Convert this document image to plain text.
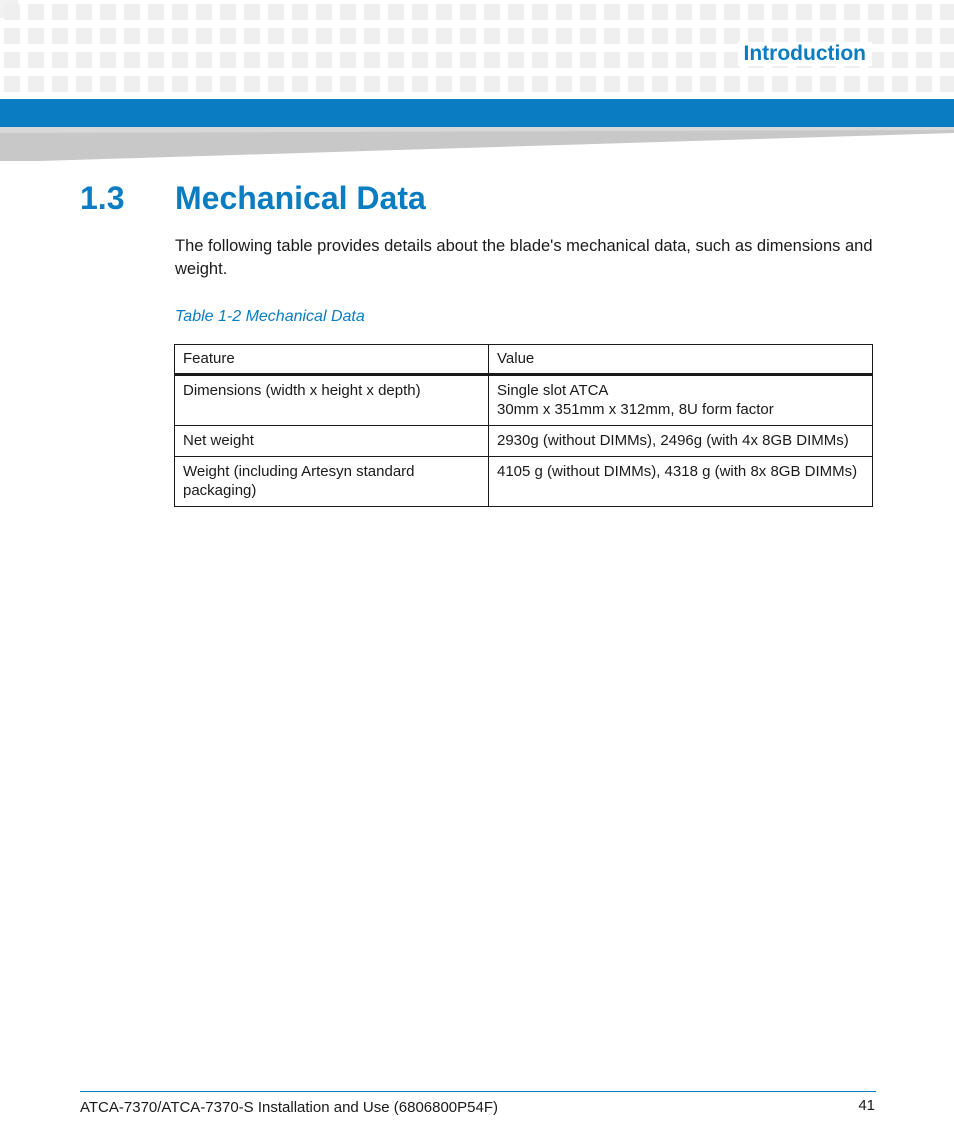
Introduction
1.3	Mechanical Data

The following table provides details about the blade's mechanical data, such as dimensions and weight.

Table 1-2 Mechanical Data
Feature	Value
Dimensions (width x height x depth)	Single slot ATCA
30mm x 351mm x 312mm, 8U form factor

Net weight	2930g (without DIMMs), 2496g (with 4x 8GB DIMMs)

Weight (including Artesyn standard packaging)	4105 g (without DIMMs), 4318 g (with 8x 8GB DIMMs)
ATCA-7370/ATCA-7370-S Installation and Use (6806800P54F)	41
